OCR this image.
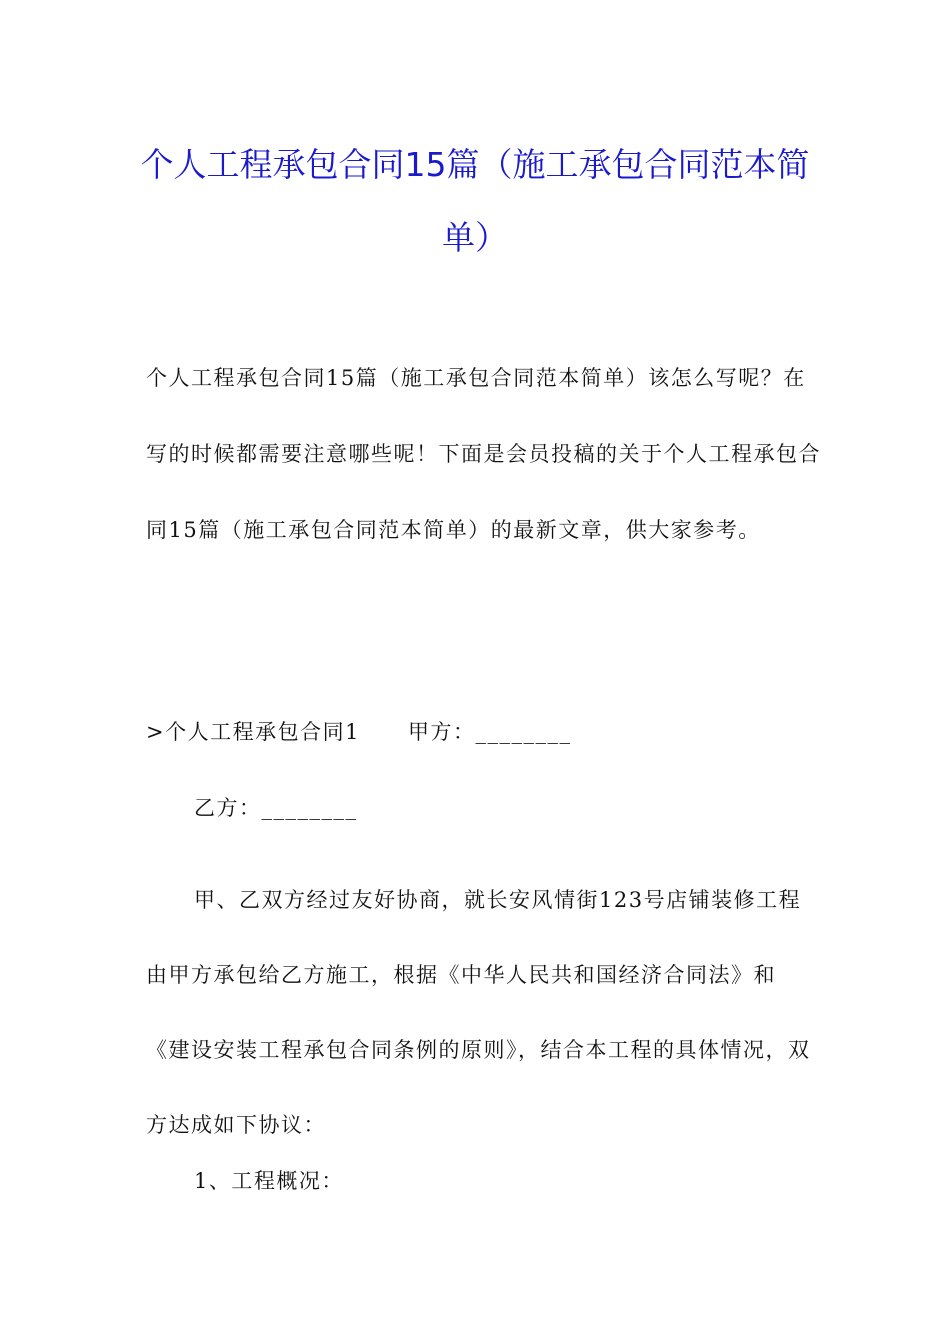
个人工程承包合同15篇（施工承包合同范本简单）

个人工程承包合同15篇（施工承包合同范本简单）该怎么写呢？在写的时候都需要注意哪些呢！下面是会员投稿的关于个人工程承包合同15篇（施工承包合同范本简单）的最新文章，供大家参考。

>个人工程承包合同1 甲方：________

乙方：________

甲、乙双方经过友好协商，就长安风情街123号店铺装修工程由甲方承包给乙方施工，根据《中华人民共和国经济合同法》和《建设安装工程承包合同条例的原则》，结合本工程的具体情况，双方达成如下协议：

1、工程概况：
